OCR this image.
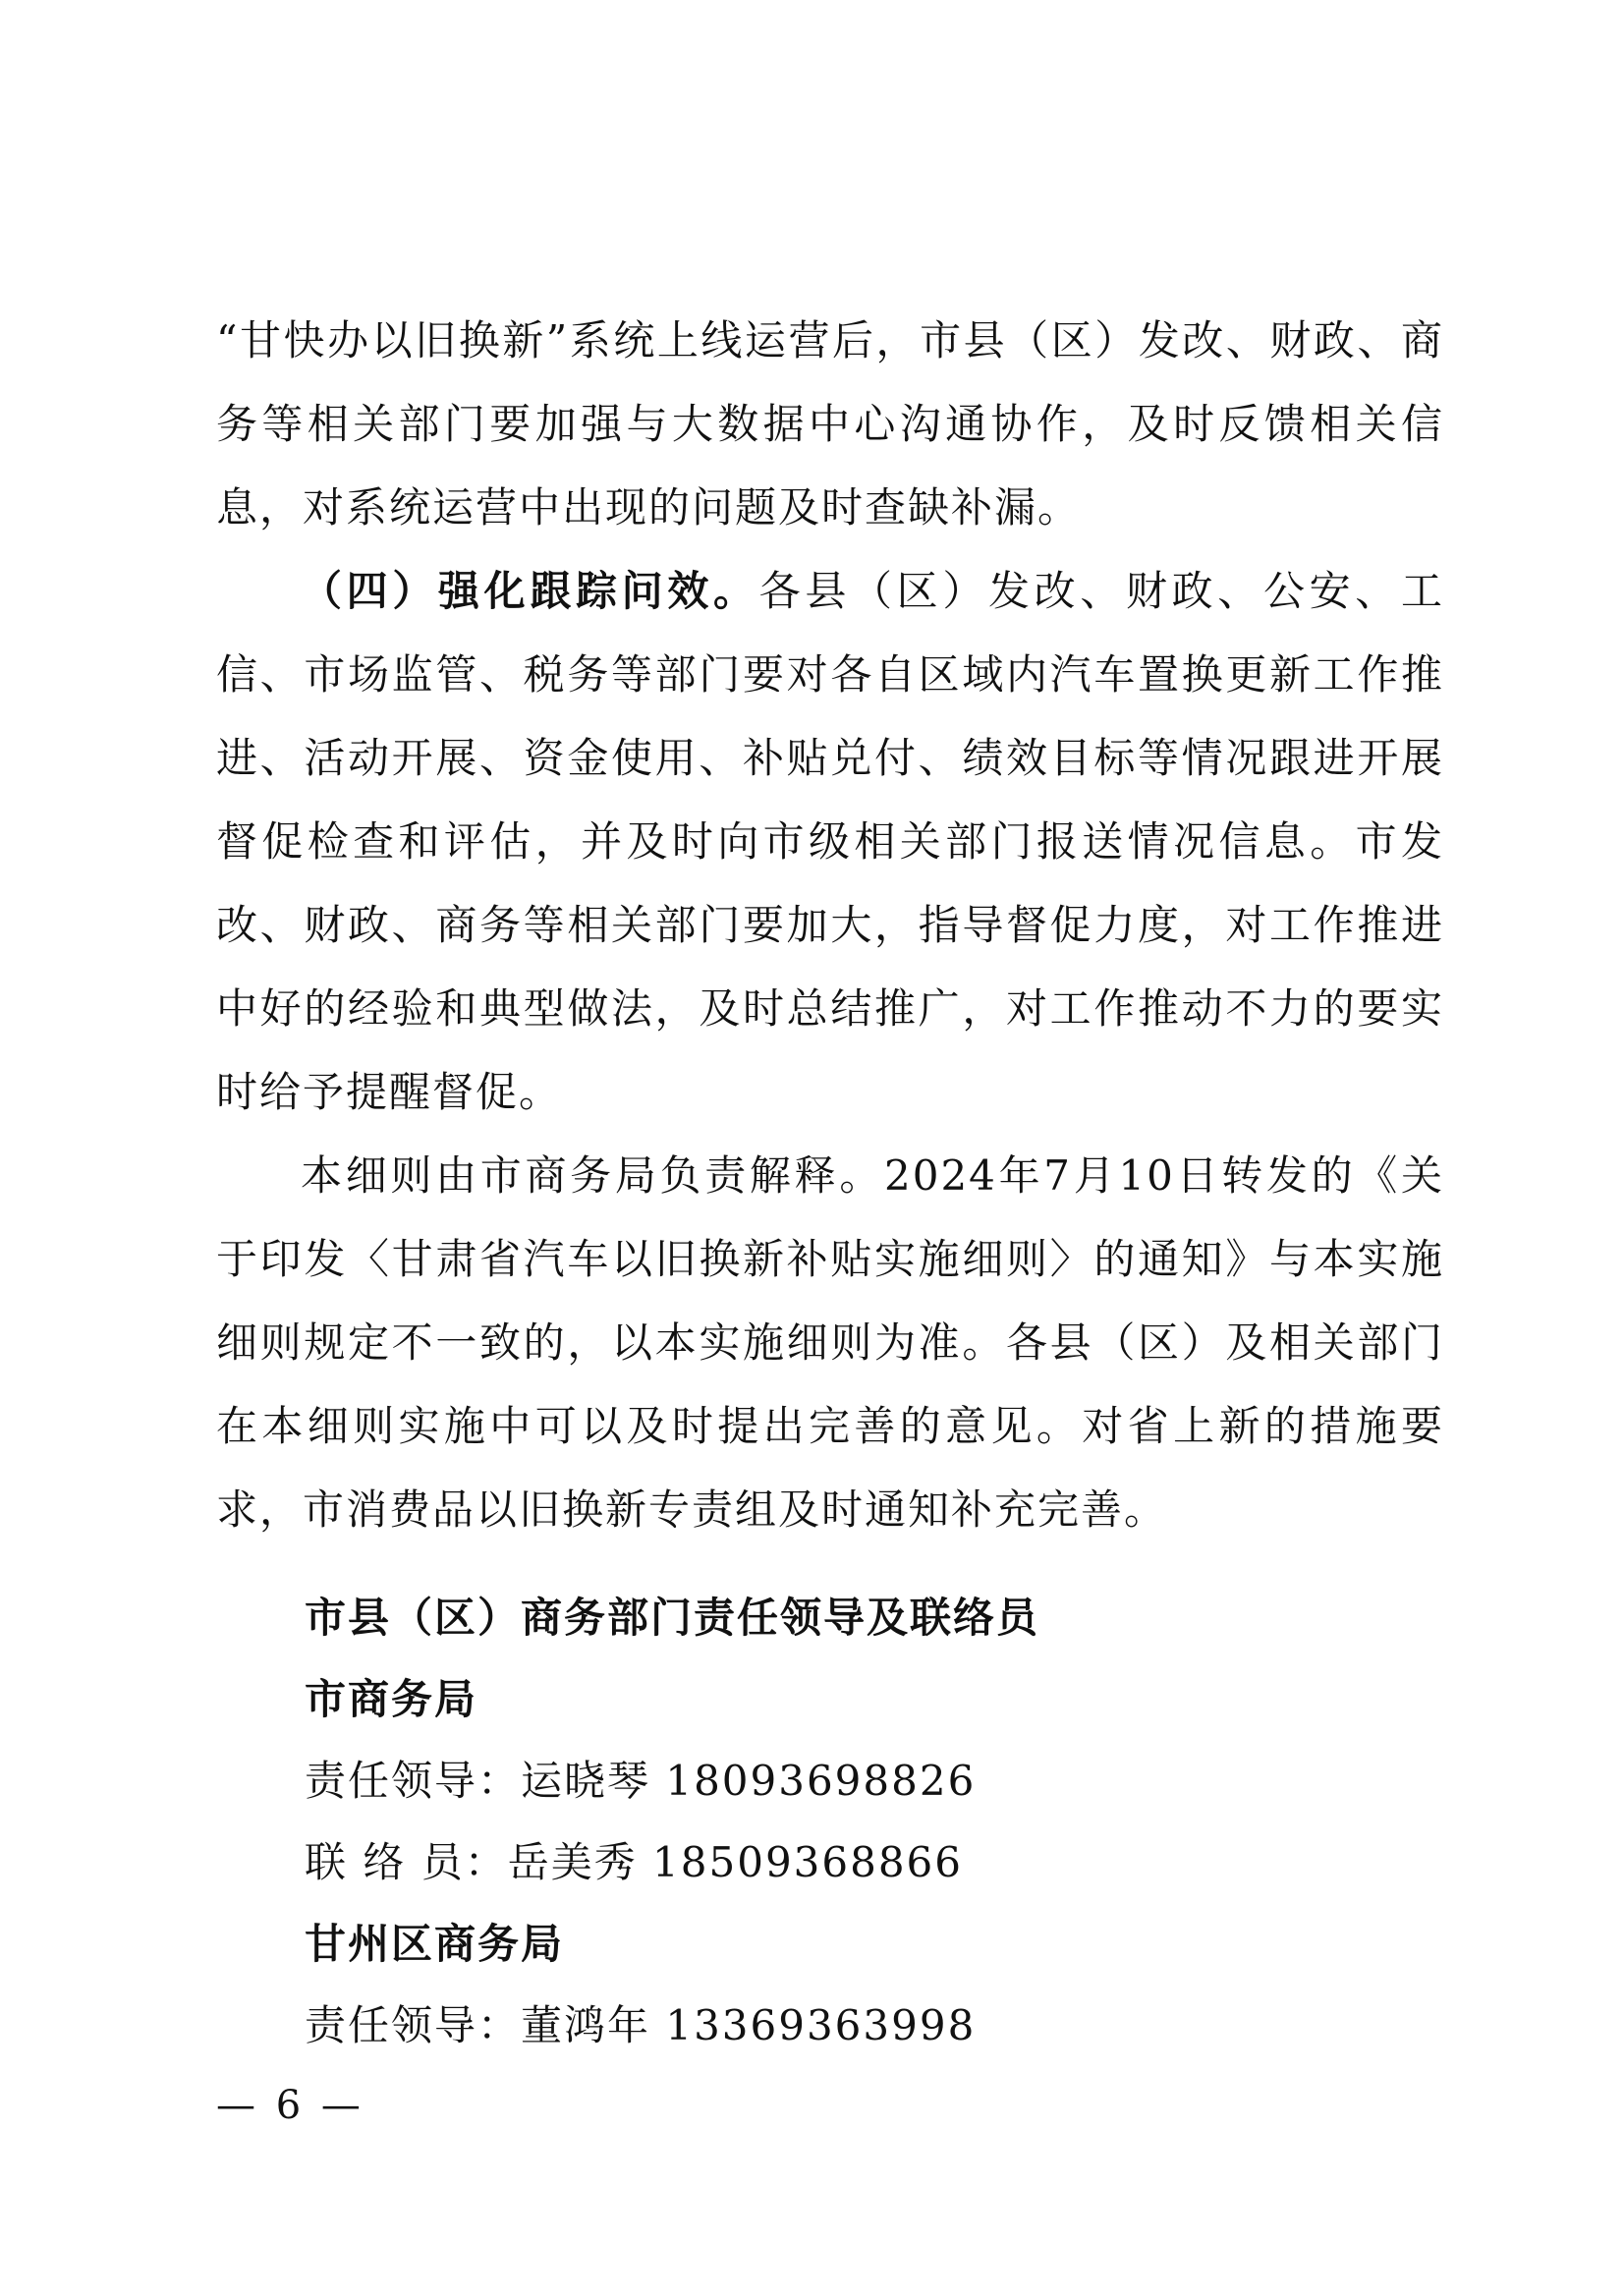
“甘快办以旧换新”系统上线运营后，市县（区）发改、财政、商务等相关部门要加强与大数据中心沟通协作，及时反馈相关信息，对系统运营中出现的问题及时查缺补漏。

（四）强化跟踪问效。各县（区）发改、财政、公安、工信、市场监管、税务等部门要对各自区域内汽车置换更新工作推进、活动开展、资金使用、补贴兑付、绩效目标等情况跟进开展督促检查和评估，并及时向市级相关部门报送情况信息。市发改、财政、商务等相关部门要加大，指导督促力度，对工作推进中好的经验和典型做法，及时总结推广，对工作推动不力的要实时给予提醒督促。

本细则由市商务局负责解释。2024年7月10日转发的《关于印发〈甘肃省汽车以旧换新补贴实施细则〉的通知》与本实施细则规定不一致的，以本实施细则为准。各县（区）及相关部门在本细则实施中可以及时提出完善的意见。对省上新的措施要求，市消费品以旧换新专责组及时通知补充完善。

市县（区）商务部门责任领导及联络员

市商务局

责任领导：运晓琴 18093698826

联 络 员：岳美秀 18509368866

甘州区商务局

责任领导：董鸿年 13369363998

— 6 —
